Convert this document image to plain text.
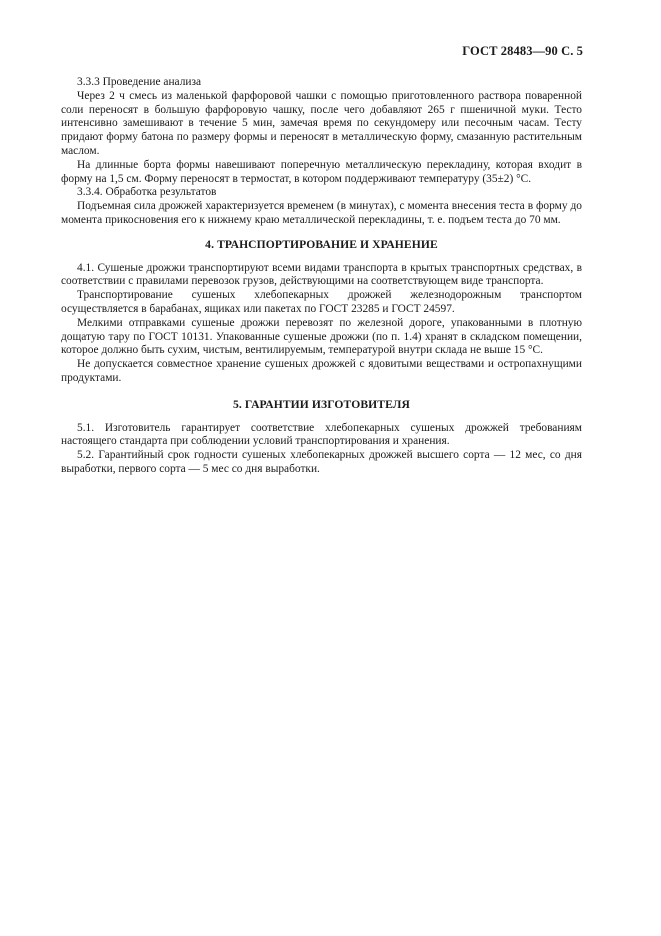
ГОСТ 28483—90 С. 5
3.3.3 Проведение анализа

Через 2 ч смесь из маленькой фарфоровой чашки с помощью приготовленного раствора поваренной соли переносят в большую фарфоровую чашку, после чего добавляют 265 г пшеничной муки. Тесто интенсивно замешивают в течение 5 мин, замечая время по секундомеру или песочным часам. Тесту придают форму батона по размеру формы и переносят в металлическую форму, смазанную растительным маслом.

На длинные борта формы навешивают поперечную металлическую перекладину, которая входит в форму на 1,5 см. Форму переносят в термостат, в котором поддерживают температуру (35±2) °С.

3.3.4. Обработка результатов

Подъемная сила дрожжей характеризуется временем (в минутах), с момента внесения теста в форму до момента прикосновения его к нижнему краю металлической перекладины, т. е. подъем теста до 70 мм.

4. ТРАНСПОРТИРОВАНИЕ И ХРАНЕНИЕ

4.1. Сушеные дрожжи транспортируют всеми видами транспорта в крытых транспортных средствах, в соответствии с правилами перевозок грузов, действующими на соответствующем виде транспорта.

Транспортирование сушеных хлебопекарных дрожжей железнодорожным транспортом осуществляется в барабанах, ящиках или пакетах по ГОСТ 23285 и ГОСТ 24597.

Мелкими отправками сушеные дрожжи перевозят по железной дороге, упакованными в плотную дощатую тару по ГОСТ 10131. Упакованные сушеные дрожжи (по п. 1.4) хранят в складском помещении, которое должно быть сухим, чистым, вентилируемым, температурой внутри склада не выше 15 °С.

Не допускается совместное хранение сушеных дрожжей с ядовитыми веществами и остропахнущими продуктами.

5. ГАРАНТИИ ИЗГОТОВИТЕЛЯ

5.1. Изготовитель гарантирует соответствие хлебопекарных сушеных дрожжей требованиям настоящего стандарта при соблюдении условий транспортирования и хранения.

5.2. Гарантийный срок годности сушеных хлебопекарных дрожжей высшего сорта — 12 мес, со дня выработки, первого сорта — 5 мес со дня выработки.
